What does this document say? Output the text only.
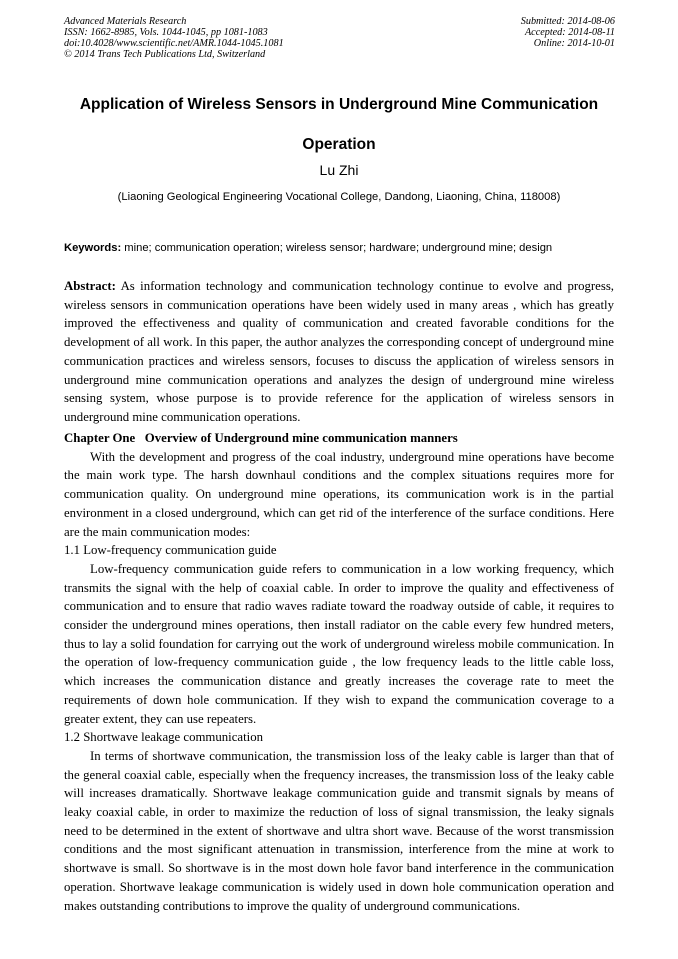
Advanced Materials Research
ISSN: 1662-8985, Vols. 1044-1045, pp 1081-1083
doi:10.4028/www.scientific.net/AMR.1044-1045.1081
© 2014 Trans Tech Publications Ltd, Switzerland
Submitted: 2014-08-06
Accepted: 2014-08-11
Online: 2014-10-01
Application of Wireless Sensors in Underground Mine Communication
Operation
Lu Zhi
(Liaoning Geological Engineering Vocational College, Dandong, Liaoning, China, 118008)
Keywords: mine; communication operation; wireless sensor; hardware; underground mine; design

Abstract: As information technology and communication technology continue to evolve and progress, wireless sensors in communication operations have been widely used in many areas , which has greatly improved the effectiveness and quality of communication and created favorable conditions for the development of all work. In this paper, the author analyzes the corresponding concept of underground mine communication practices and wireless sensors, focuses to discuss the application of wireless sensors in underground mine communication operations and analyzes the design of underground mine wireless sensing system, whose purpose is to provide reference for the application of wireless sensors in underground mine communication operations.

Chapter One   Overview of Underground mine communication manners

With the development and progress of the coal industry, underground mine operations have become the main work type. The harsh downhaul conditions and the complex situations requires more for communication quality. On underground mine operations, its communication work is in the partial environment in a closed underground, which can get rid of the interference of the surface conditions. Here are the main communication modes:

1.1 Low-frequency communication guide

Low-frequency communication guide refers to communication in a low working frequency, which transmits the signal with the help of coaxial cable. In order to improve the quality and effectiveness of communication and to ensure that radio waves radiate toward the roadway outside of cable, it requires to consider the underground mines operations, then install radiator on the cable every few hundred meters, thus to lay a solid foundation for carrying out the work of underground wireless mobile communication. In the operation of low-frequency communication guide , the low frequency leads to the little cable loss, which increases the communication distance and greatly increases the coverage rate to meet the requirements of down hole communication. If they wish to expand the communication coverage to a greater extent, they can use repeaters.

1.2 Shortwave leakage communication

In terms of shortwave communication, the transmission loss of the leaky cable is larger than that of the general coaxial cable, especially when the frequency increases, the transmission loss of the leaky cable will increases dramatically. Shortwave leakage communication guide and transmit signals by means of leaky coaxial cable, in order to maximize the reduction of loss of signal transmission, the leaky signals need to be determined in the extent of shortwave and ultra short wave. Because of the worst transmission conditions and the most significant attenuation in transmission, interference from the mine at work to shortwave is small. So shortwave is in the most down hole favor band interference in the communication operation. Shortwave leakage communication is widely used in down hole communication operation and makes outstanding contributions to improve the quality of underground communications.
